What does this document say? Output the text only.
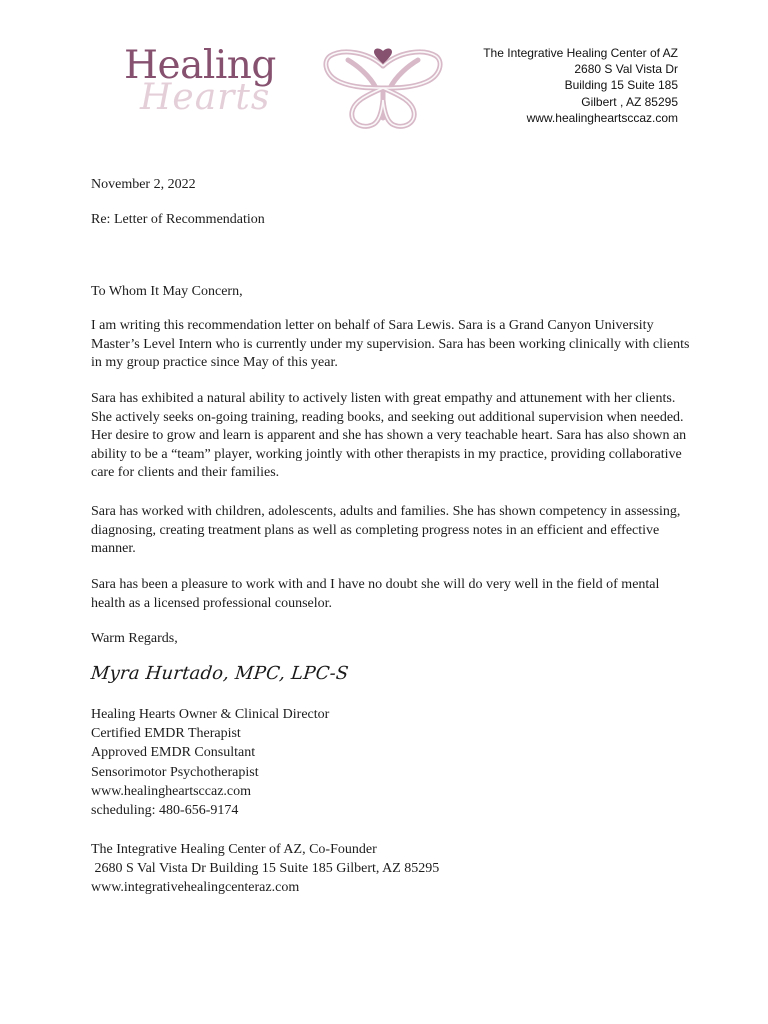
Healing
Hearts
The Integrative Healing Center of AZ
2680 S Val Vista Dr
Building 15 Suite 185
Gilbert , AZ 85295
www.healingheartsccaz.com
November 2, 2022
Re: Letter of Recommendation
To Whom It May Concern,
I am writing this recommendation letter on behalf of Sara Lewis. Sara is a Grand Canyon University Master’s Level Intern who is currently under my supervision. Sara has been working clinically with clients in my group practice since May of this year.
Sara has exhibited a natural ability to actively listen with great empathy and attunement with her clients. She actively seeks on-going training, reading books, and seeking out additional supervision when needed. Her desire to grow and learn is apparent and she has shown a very teachable heart. Sara has also shown an ability to be a “team” player, working jointly with other therapists in my practice, providing collaborative care for clients and their families.
Sara has worked with children, adolescents, adults and families. She has shown competency in assessing, diagnosing, creating treatment plans as well as completing progress notes in an efficient and effective manner.
Sara has been a pleasure to work with and I have no doubt she will do very well in the field of mental health as a licensed professional counselor.
Warm Regards,
Myra Hurtado, MPC, LPC-S
Healing Hearts Owner & Clinical Director
Certified EMDR Therapist
Approved EMDR Consultant
Sensorimotor Psychotherapist
www.healingheartsccaz.com
scheduling: 480-656-9174
The Integrative Healing Center of AZ, Co-Founder
2680 S Val Vista Dr Building 15 Suite 185 Gilbert, AZ 85295
www.integrativehealingcenteraz.com
